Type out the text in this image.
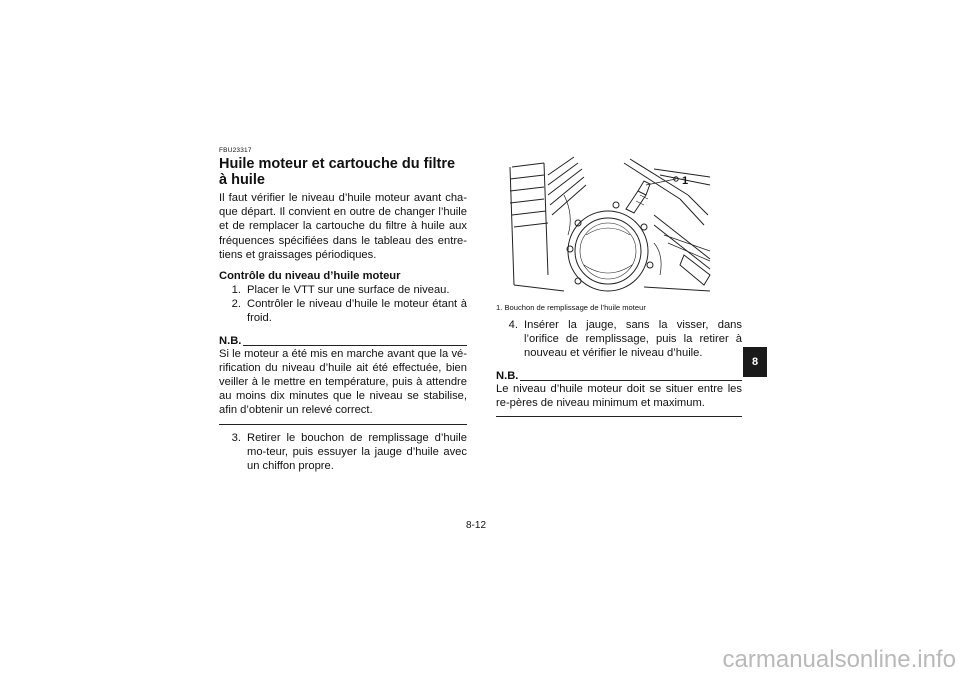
FBU23317

Huile moteur et cartouche du filtre à huile

Il faut vérifier le niveau d’huile moteur avant cha-que départ. Il convient en outre de changer l’huile et de remplacer la cartouche du filtre à huile aux fréquences spécifiées dans le tableau des entre-tiens et graissages périodiques.

Contrôle du niveau d’huile moteur

1. Placer le VTT sur une surface de niveau.
2. Contrôler le niveau d’huile le moteur étant à froid.
N.B.

Si le moteur a été mis en marche avant que la vé-rification du niveau d’huile ait été effectuée, bien veiller à le mettre en température, puis à attendre au moins dix minutes que le niveau se stabilise, afin d’obtenir un relevé correct.

3. Retirer le bouchon de remplissage d’huile mo-teur, puis essuyer la jauge d’huile avec un chiffon propre.
1

1. Bouchon de remplissage de l’huile moteur

4. Insérer la jauge, sans la visser, dans l’orifice de remplissage, puis la retirer à nouveau et vérifier le niveau d’huile.
N.B.

Le niveau d’huile moteur doit se situer entre les re-pères de niveau minimum et maximum.

8
8-12
carmanualsonline.info
